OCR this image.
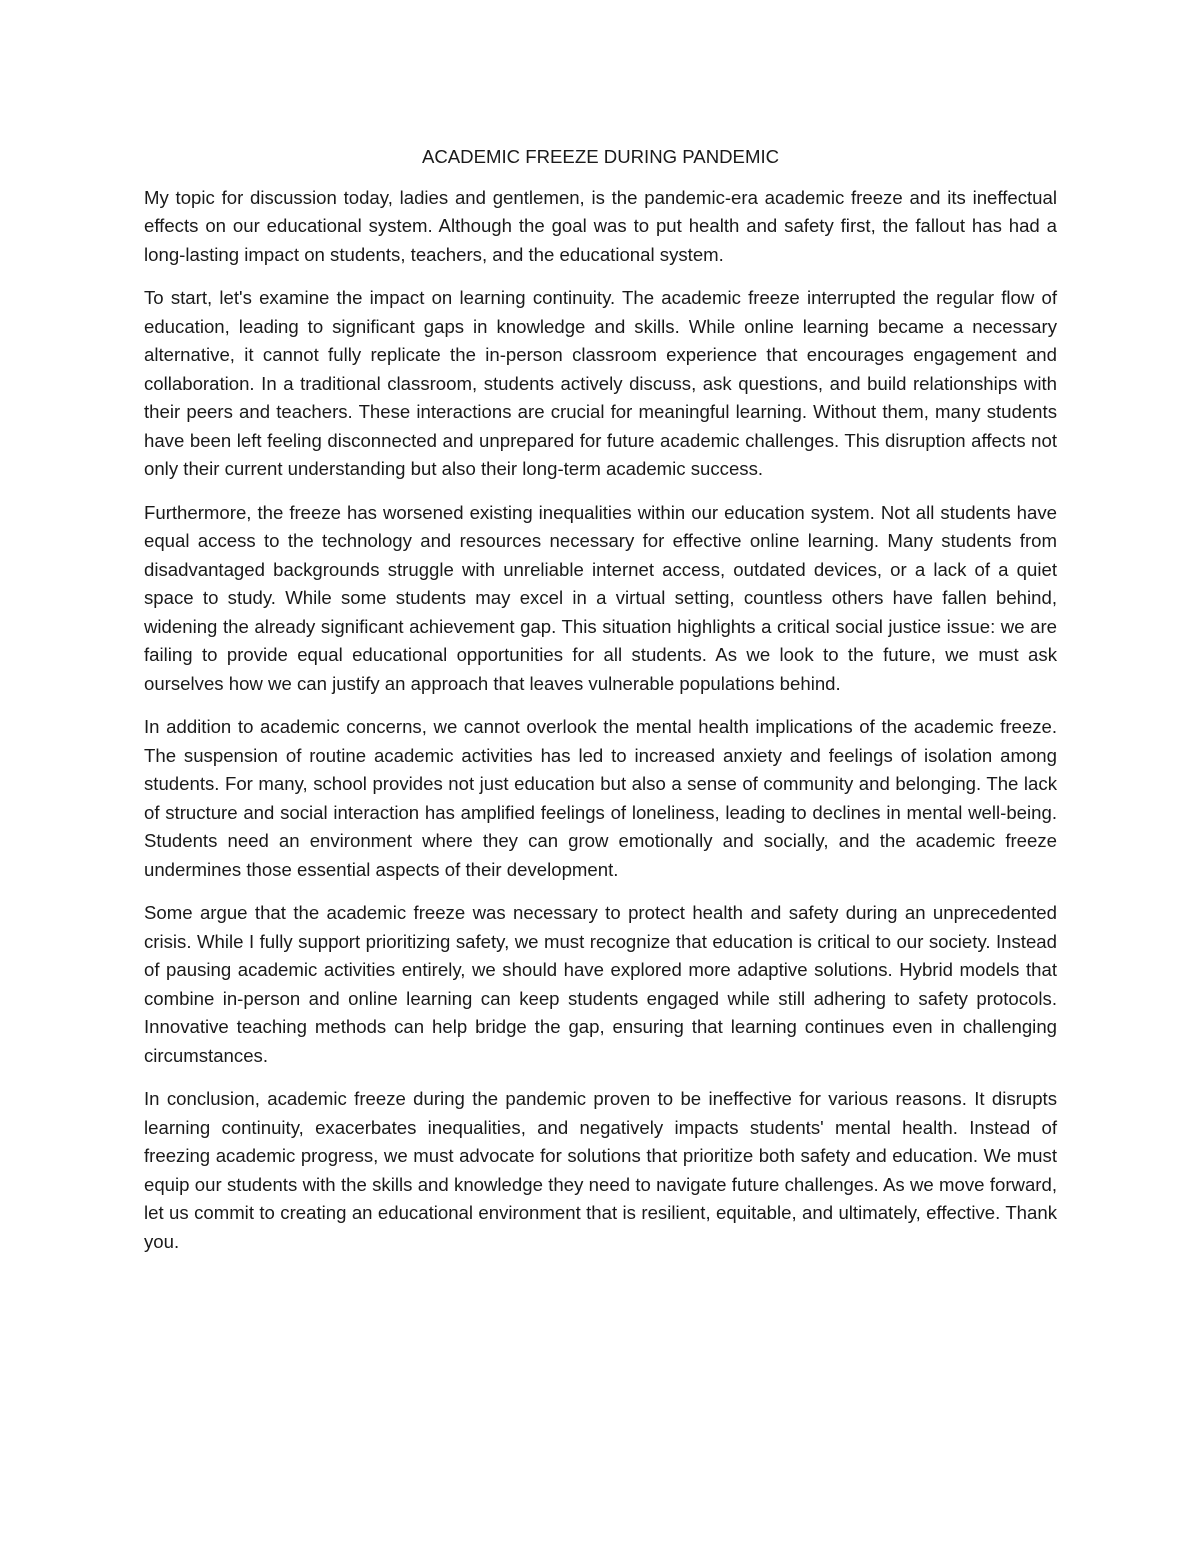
ACADEMIC FREEZE DURING PANDEMIC

My topic for discussion today, ladies and gentlemen, is the pandemic-era academic freeze and its ineffectual effects on our educational system. Although the goal was to put health and safety first, the fallout has had a long-lasting impact on students, teachers, and the educational system.

To start, let's examine the impact on learning continuity. The academic freeze interrupted the regular flow of education, leading to significant gaps in knowledge and skills. While online learning became a necessary alternative, it cannot fully replicate the in-person classroom experience that encourages engagement and collaboration. In a traditional classroom, students actively discuss, ask questions, and build relationships with their peers and teachers. These interactions are crucial for meaningful learning. Without them, many students have been left feeling disconnected and unprepared for future academic challenges. This disruption affects not only their current understanding but also their long-term academic success.

Furthermore, the freeze has worsened existing inequalities within our education system. Not all students have equal access to the technology and resources necessary for effective online learning. Many students from disadvantaged backgrounds struggle with unreliable internet access, outdated devices, or a lack of a quiet space to study. While some students may excel in a virtual setting, countless others have fallen behind, widening the already significant achievement gap. This situation highlights a critical social justice issue: we are failing to provide equal educational opportunities for all students. As we look to the future, we must ask ourselves how we can justify an approach that leaves vulnerable populations behind.

In addition to academic concerns, we cannot overlook the mental health implications of the academic freeze. The suspension of routine academic activities has led to increased anxiety and feelings of isolation among students. For many, school provides not just education but also a sense of community and belonging. The lack of structure and social interaction has amplified feelings of loneliness, leading to declines in mental well-being. Students need an environment where they can grow emotionally and socially, and the academic freeze undermines those essential aspects of their development.

Some argue that the academic freeze was necessary to protect health and safety during an unprecedented crisis. While I fully support prioritizing safety, we must recognize that education is critical to our society. Instead of pausing academic activities entirely, we should have explored more adaptive solutions. Hybrid models that combine in-person and online learning can keep students engaged while still adhering to safety protocols. Innovative teaching methods can help bridge the gap, ensuring that learning continues even in challenging circumstances.

In conclusion, academic freeze during the pandemic proven to be ineffective for various reasons. It disrupts learning continuity, exacerbates inequalities, and negatively impacts students' mental health. Instead of freezing academic progress, we must advocate for solutions that prioritize both safety and education. We must equip our students with the skills and knowledge they need to navigate future challenges. As we move forward, let us commit to creating an educational environment that is resilient, equitable, and ultimately, effective. Thank you.
